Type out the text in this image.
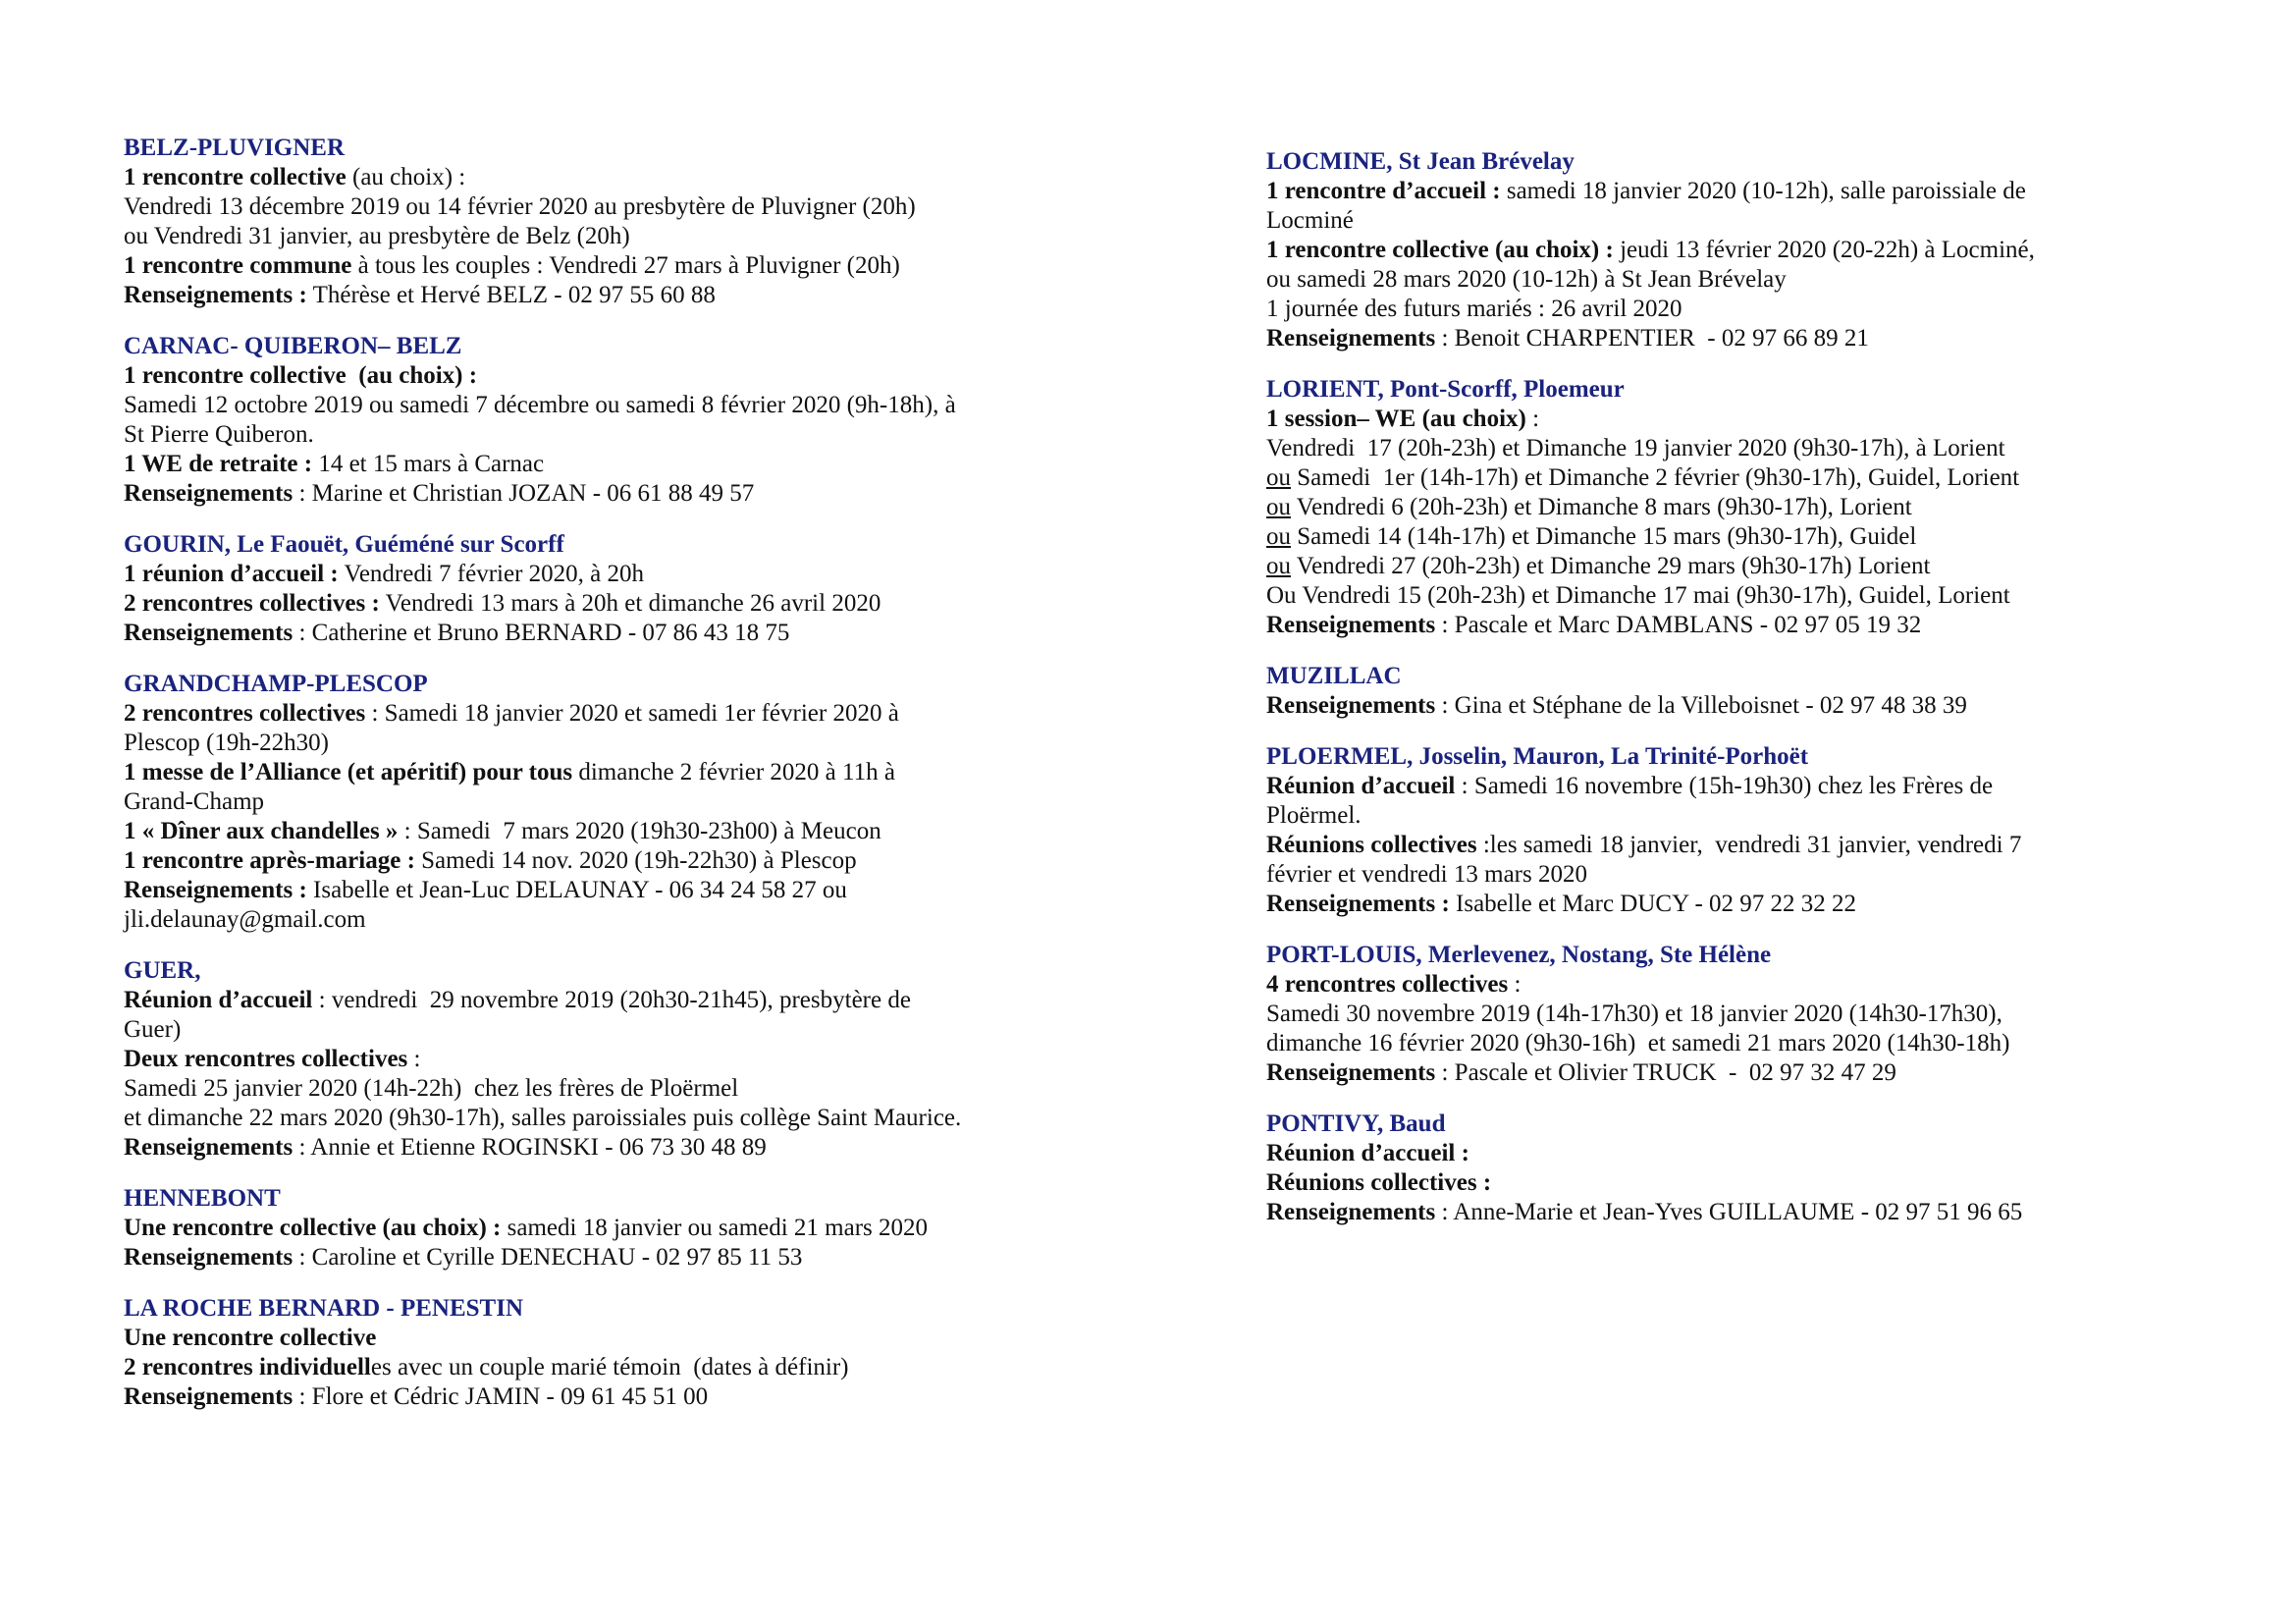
BELZ-PLUVIGNER
1 rencontre collective (au choix) :
Vendredi 13 décembre 2019 ou 14 février 2020 au presbytère de Pluvigner (20h)
ou Vendredi 31 janvier, au presbytère de Belz (20h)
1 rencontre commune à tous les couples : Vendredi 27 mars à Pluvigner (20h)
Renseignements : Thérèse et Hervé BELZ - 02 97 55 60 88
CARNAC- QUIBERON– BELZ
1 rencontre collective  (au choix) :
Samedi 12 octobre 2019 ou samedi 7 décembre ou samedi 8 février 2020 (9h-18h), à
St Pierre Quiberon.
1 WE de retraite : 14 et 15 mars à Carnac
Renseignements : Marine et Christian JOZAN - 06 61 88 49 57
GOURIN, Le Faouët, Guéméné sur Scorff
1 réunion d’accueil : Vendredi 7 février 2020, à 20h
2 rencontres collectives : Vendredi 13 mars à 20h et dimanche 26 avril 2020
Renseignements : Catherine et Bruno BERNARD - 07 86 43 18 75
GRANDCHAMP-PLESCOP
2 rencontres collectives : Samedi 18 janvier 2020 et samedi 1er février 2020 à
Plescop (19h-22h30)
1 messe de l’Alliance (et apéritif) pour tous dimanche 2 février 2020 à 11h à
Grand-Champ
1 « Dîner aux chandelles » : Samedi  7 mars 2020 (19h30-23h00) à Meucon
1 rencontre après-mariage : Samedi 14 nov. 2020 (19h-22h30) à Plescop
Renseignements : Isabelle et Jean-Luc DELAUNAY - 06 34 24 58 27 ou
jli.delaunay@gmail.com
GUER,
Réunion d’accueil : vendredi  29 novembre 2019 (20h30-21h45), presbytère de
Guer)
Deux rencontres collectives :
Samedi 25 janvier 2020 (14h-22h)  chez les frères de Ploërmel
et dimanche 22 mars 2020 (9h30-17h), salles paroissiales puis collège Saint Maurice.
Renseignements : Annie et Etienne ROGINSKI - 06 73 30 48 89
HENNEBONT
Une rencontre collective (au choix) : samedi 18 janvier ou samedi 21 mars 2020
Renseignements : Caroline et Cyrille DENECHAU - 02 97 85 11 53
LA ROCHE BERNARD - PENESTIN
Une rencontre collective
2 rencontres individuelles avec un couple marié témoin  (dates à définir)
Renseignements : Flore et Cédric JAMIN - 09 61 45 51 00
LOCMINE, St Jean Brévelay
1 rencontre d’accueil : samedi 18 janvier 2020 (10-12h), salle paroissiale de
Locminé
1 rencontre collective (au choix) : jeudi 13 février 2020 (20-22h) à Locminé,
ou samedi 28 mars 2020 (10-12h) à St Jean Brévelay
1 journée des futurs mariés : 26 avril 2020
Renseignements : Benoit CHARPENTIER  - 02 97 66 89 21
LORIENT, Pont-Scorff, Ploemeur
1 session– WE (au choix) :
Vendredi  17 (20h-23h) et Dimanche 19 janvier 2020 (9h30-17h), à Lorient
ou Samedi  1er (14h-17h) et Dimanche 2 février (9h30-17h), Guidel, Lorient
ou Vendredi 6 (20h-23h) et Dimanche 8 mars (9h30-17h), Lorient
ou Samedi 14 (14h-17h) et Dimanche 15 mars (9h30-17h), Guidel
ou Vendredi 27 (20h-23h) et Dimanche 29 mars (9h30-17h) Lorient
Ou Vendredi 15 (20h-23h) et Dimanche 17 mai (9h30-17h), Guidel, Lorient
Renseignements : Pascale et Marc DAMBLANS - 02 97 05 19 32
MUZILLAC
Renseignements : Gina et Stéphane de la Villeboisnet - 02 97 48 38 39
PLOERMEL, Josselin, Mauron, La Trinité-Porhoët
Réunion d’accueil : Samedi 16 novembre (15h-19h30) chez les Frères de
Ploërmel.
Réunions collectives :les samedi 18 janvier,  vendredi 31 janvier, vendredi 7
février et vendredi 13 mars 2020
Renseignements : Isabelle et Marc DUCY - 02 97 22 32 22
PORT-LOUIS, Merlevenez, Nostang, Ste Hélène
4 rencontres collectives :
Samedi 30 novembre 2019 (14h-17h30) et 18 janvier 2020 (14h30-17h30),
dimanche 16 février 2020 (9h30-16h)  et samedi 21 mars 2020 (14h30-18h)
Renseignements : Pascale et Olivier TRUCK  -  02 97 32 47 29
PONTIVY, Baud
Réunion d’accueil :
Réunions collectives :
Renseignements : Anne-Marie et Jean-Yves GUILLAUME - 02 97 51 96 65
